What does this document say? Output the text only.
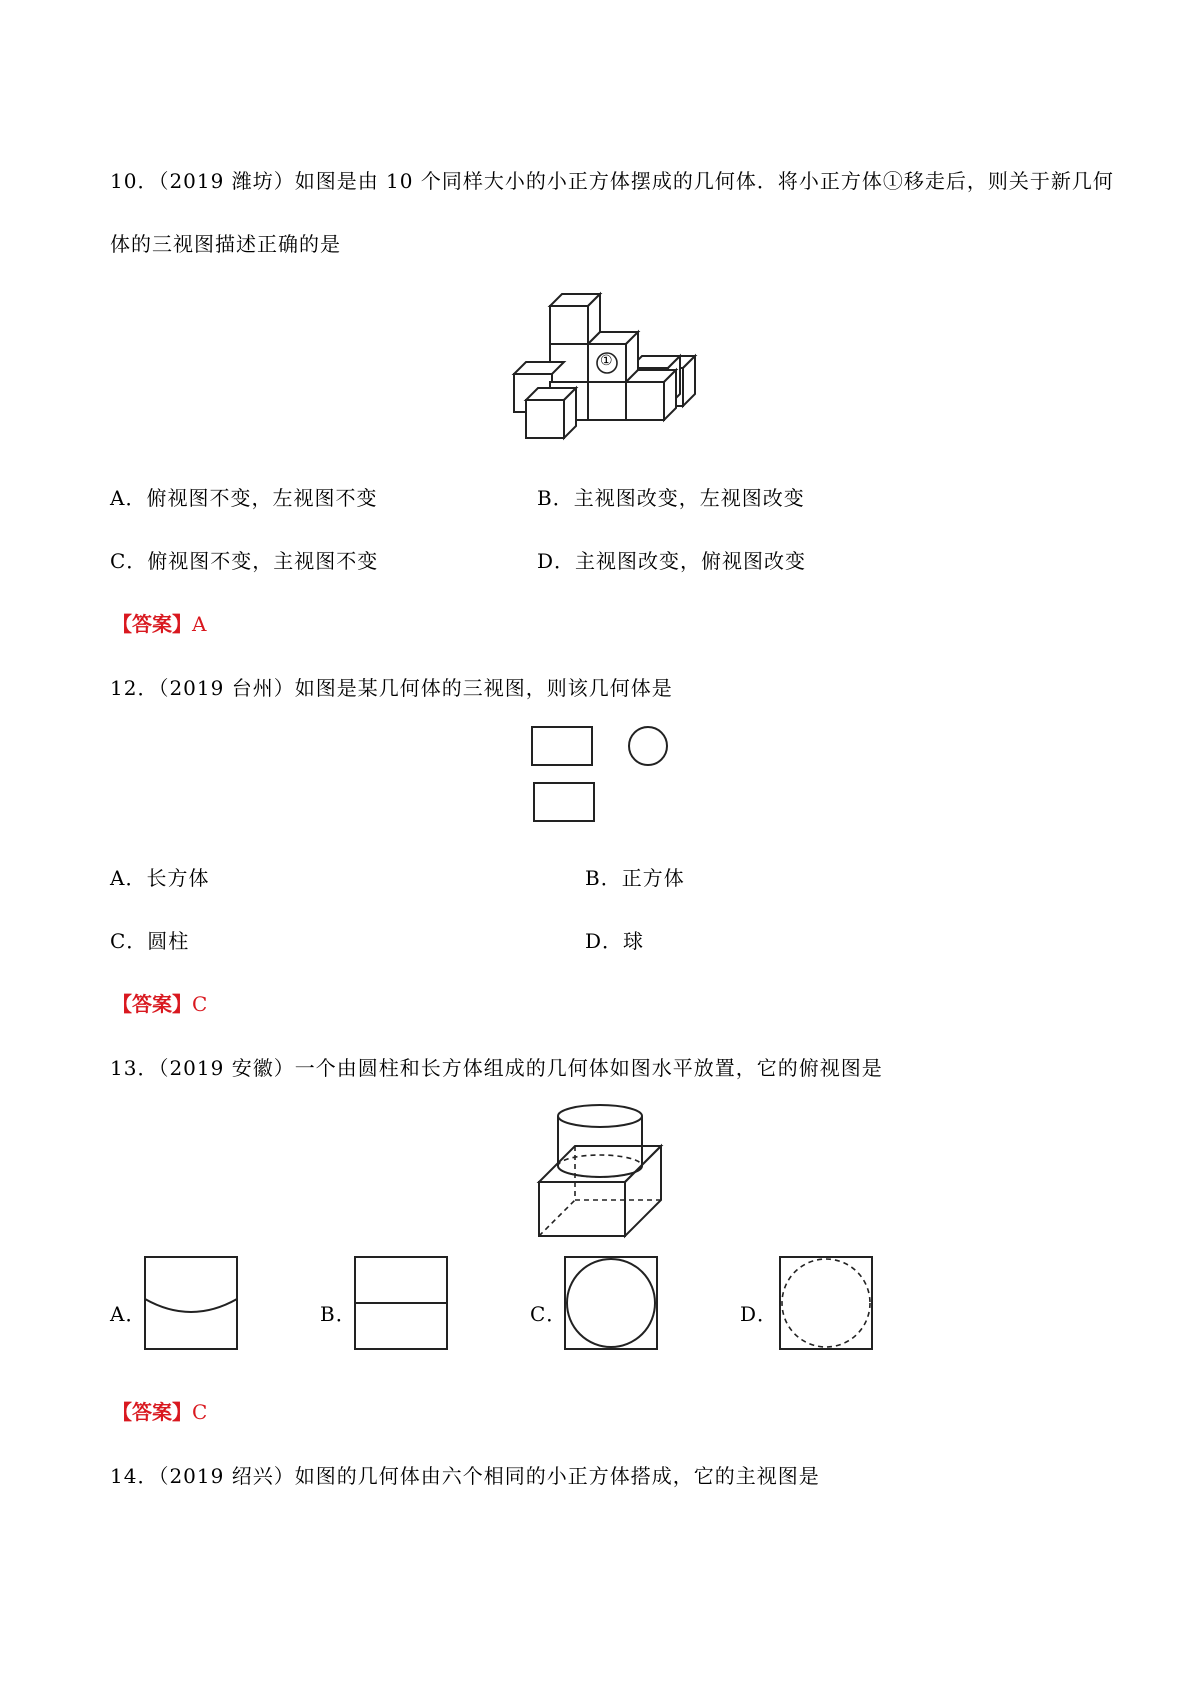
10．（2019 潍坊）如图是由 10 个同样大小的小正方体摆成的几何体．将小正方体①移走后，则关于新几何
体的三视图描述正确的是
①
A．俯视图不变，左视图不变	B．主视图改变，左视图改变
C．俯视图不变，主视图不变	D．主视图改变，俯视图改变
【答案】A
12．（2019 台州）如图是某几何体的三视图，则该几何体是
A．长方体	B．正方体
C．圆柱	D．球
【答案】C
13．（2019 安徽）一个由圆柱和长方体组成的几何体如图水平放置，它的俯视图是
A．	B．	C．	D．
【答案】C
14．（2019 绍兴）如图的几何体由六个相同的小正方体搭成，它的主视图是
